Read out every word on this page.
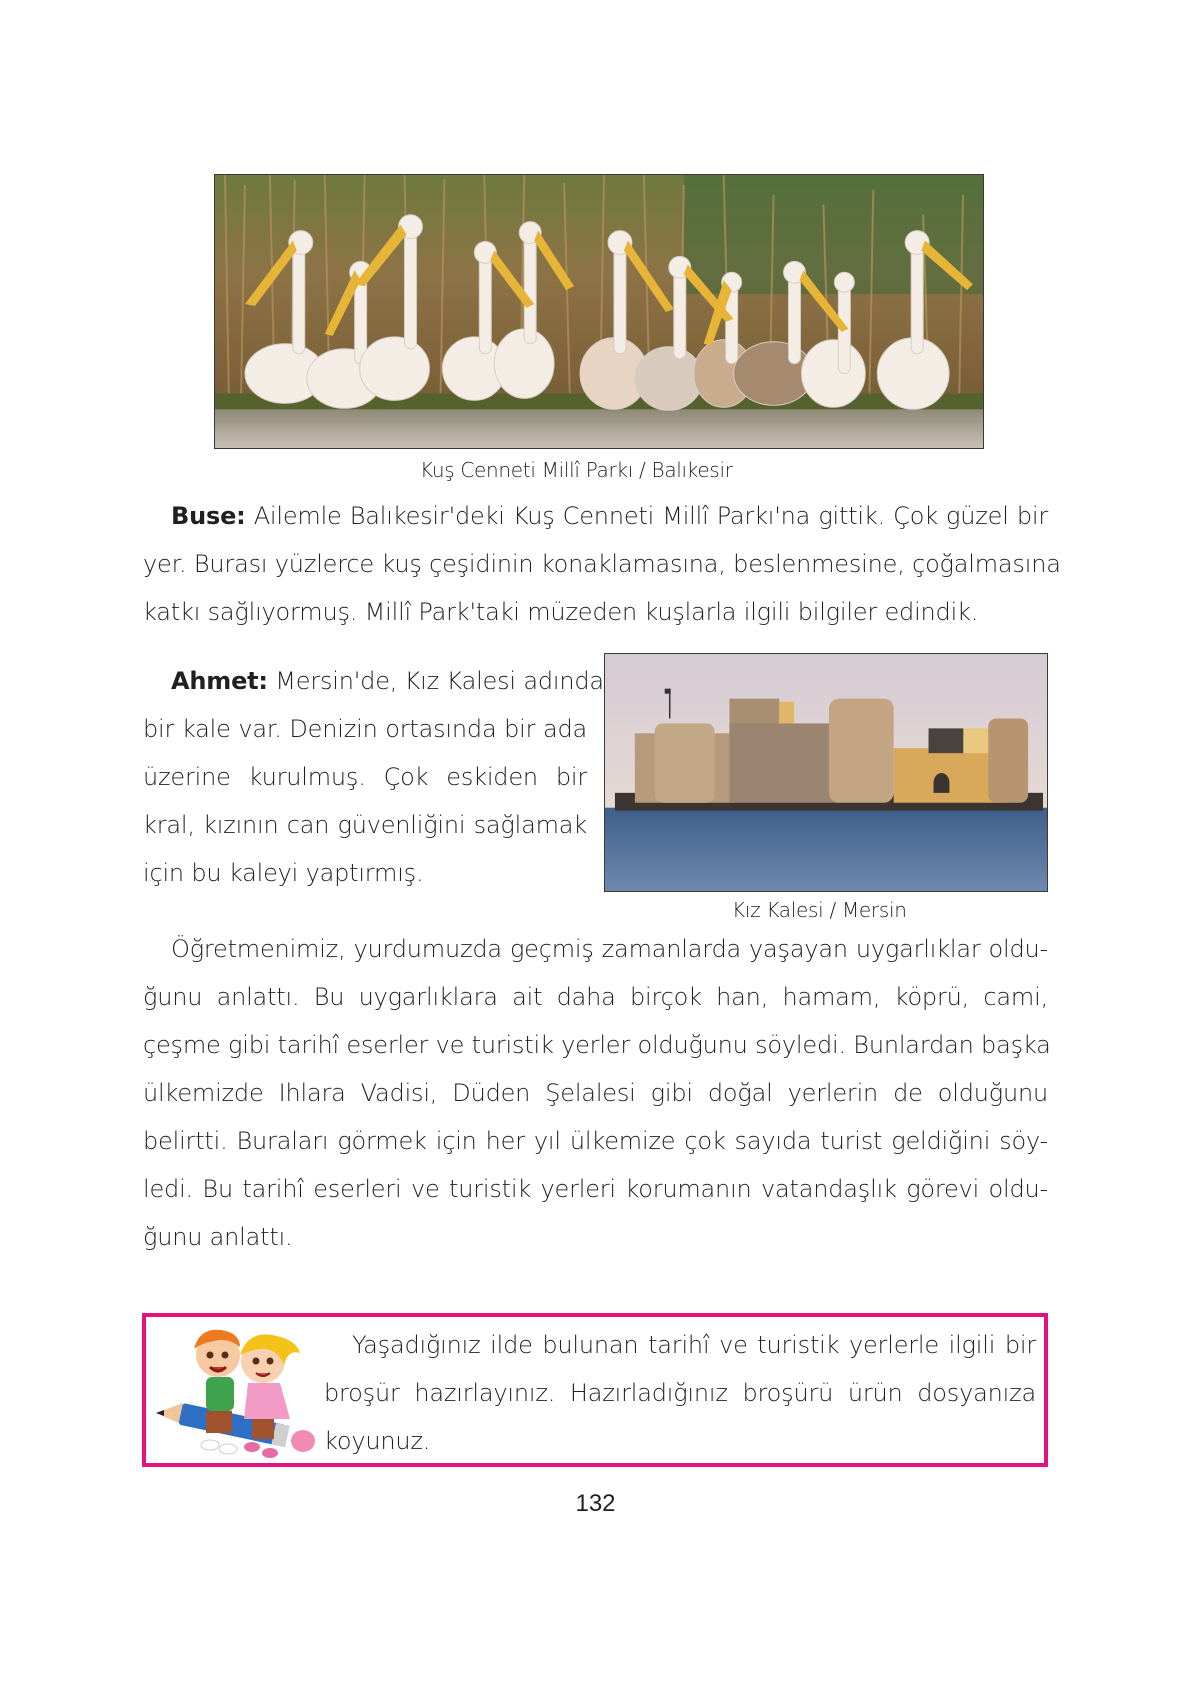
Kuş Cenneti Millî Parkı / Balıkesir
Buse: Ailemle Balıkesir'deki Kuş Cenneti Millî Parkı'na gittik. Çok güzel bir
yer. Burası yüzlerce kuş çeşidinin konaklamasına, beslenmesine, çoğalmasına
katkı sağlıyormuş. Millî Park'taki müzeden kuşlarla ilgili bilgiler edindik.
Kız Kalesi / Mersin
Ahmet: Mersin'de, Kız Kalesi adında
bir kale var. Denizin ortasında bir ada
üzerine kurulmuş. Çok eskiden bir
kral, kızının can güvenliğini sağlamak
için bu kaleyi yaptırmış.
Öğretmenimiz, yurdumuzda geçmiş zamanlarda yaşayan uygarlıklar oldu-
ğunu anlattı. Bu uygarlıklara ait daha birçok han, hamam, köprü, cami,
çeşme gibi tarihî eserler ve turistik yerler olduğunu söyledi. Bunlardan başka
ülkemizde Ihlara Vadisi, Düden Şelalesi gibi doğal yerlerin de olduğunu
belirtti. Buraları görmek için her yıl ülkemize çok sayıda turist geldiğini söy-
ledi. Bu tarihî eserleri ve turistik yerleri korumanın vatandaşlık görevi oldu-
ğunu anlattı.
Yaşadığınız ilde bulunan tarihî ve turistik yerlerle ilgili bir
broşür hazırlayınız. Hazırladığınız broşürü ürün dosyanıza
koyunuz.
132
